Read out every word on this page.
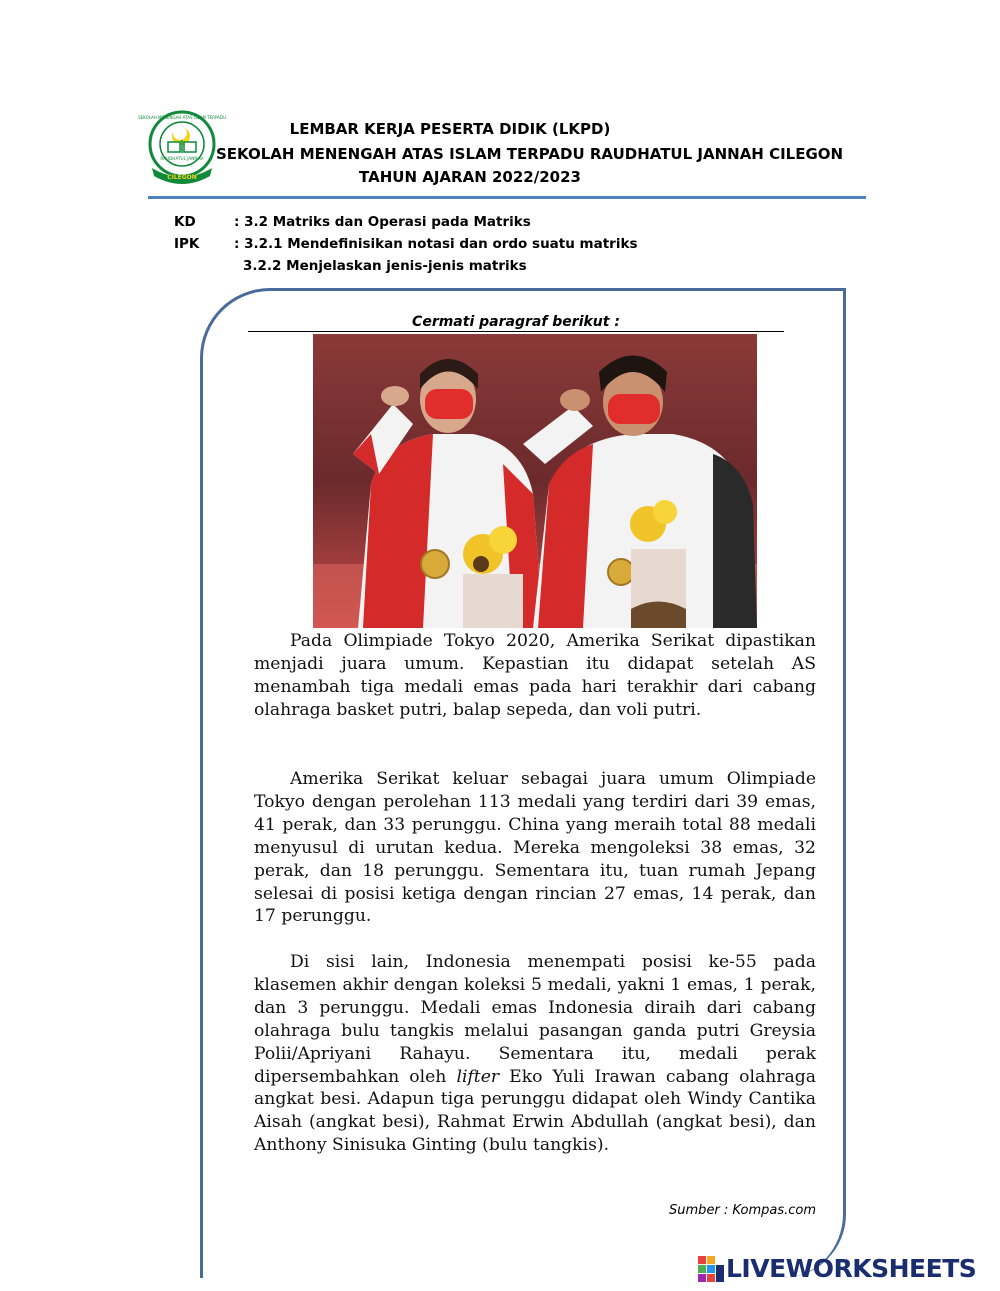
SEKOLAH MENENGAH ATAS ISLAM TERPADU
RAUDHATUL JANNAH
CILEGON
LEMBAR KERJA PESERTA DIDIK (LKPD)
SEKOLAH MENENGAH ATAS ISLAM TERPADU RAUDHATUL JANNAH CILEGON
TAHUN AJARAN 2022/2023
KD	: 3.2 Matriks dan Operasi pada Matriks
IPK	: 3.2.1 Mendefinisikan notasi dan ordo suatu matriks
3.2.2 Menjelaskan jenis-jenis matriks
Cermati paragraf berikut :
Pada Olimpiade Tokyo 2020, Amerika Serikat dipastikan menjadi juara umum. Kepastian itu didapat setelah AS menambah tiga medali emas pada hari terakhir dari cabang olahraga basket putri, balap sepeda, dan voli putri.
Amerika Serikat keluar sebagai juara umum Olimpiade Tokyo dengan perolehan 113 medali yang terdiri dari 39 emas, 41 perak, dan 33 perunggu. China yang meraih total 88 medali menyusul di urutan kedua. Mereka mengoleksi 38 emas, 32 perak, dan 18 perunggu. Sementara itu, tuan rumah Jepang selesai di posisi ketiga dengan rincian 27 emas, 14 perak, dan 17 perunggu.
Di sisi lain, Indonesia menempati posisi ke-55 pada klasemen akhir dengan koleksi 5 medali, yakni 1 emas, 1 perak, dan 3 perunggu. Medali emas Indonesia diraih dari cabang olahraga bulu tangkis melalui pasangan ganda putri Greysia Polii/Apriyani Rahayu. Sementara itu, medali perak dipersembahkan oleh lifter Eko Yuli Irawan cabang olahraga angkat besi. Adapun tiga perunggu didapat oleh Windy Cantika Aisah (angkat besi), Rahmat Erwin Abdullah (angkat besi), dan Anthony Sinisuka Ginting (bulu tangkis).
Sumber : Kompas.com
LIVEWORKSHEETS
